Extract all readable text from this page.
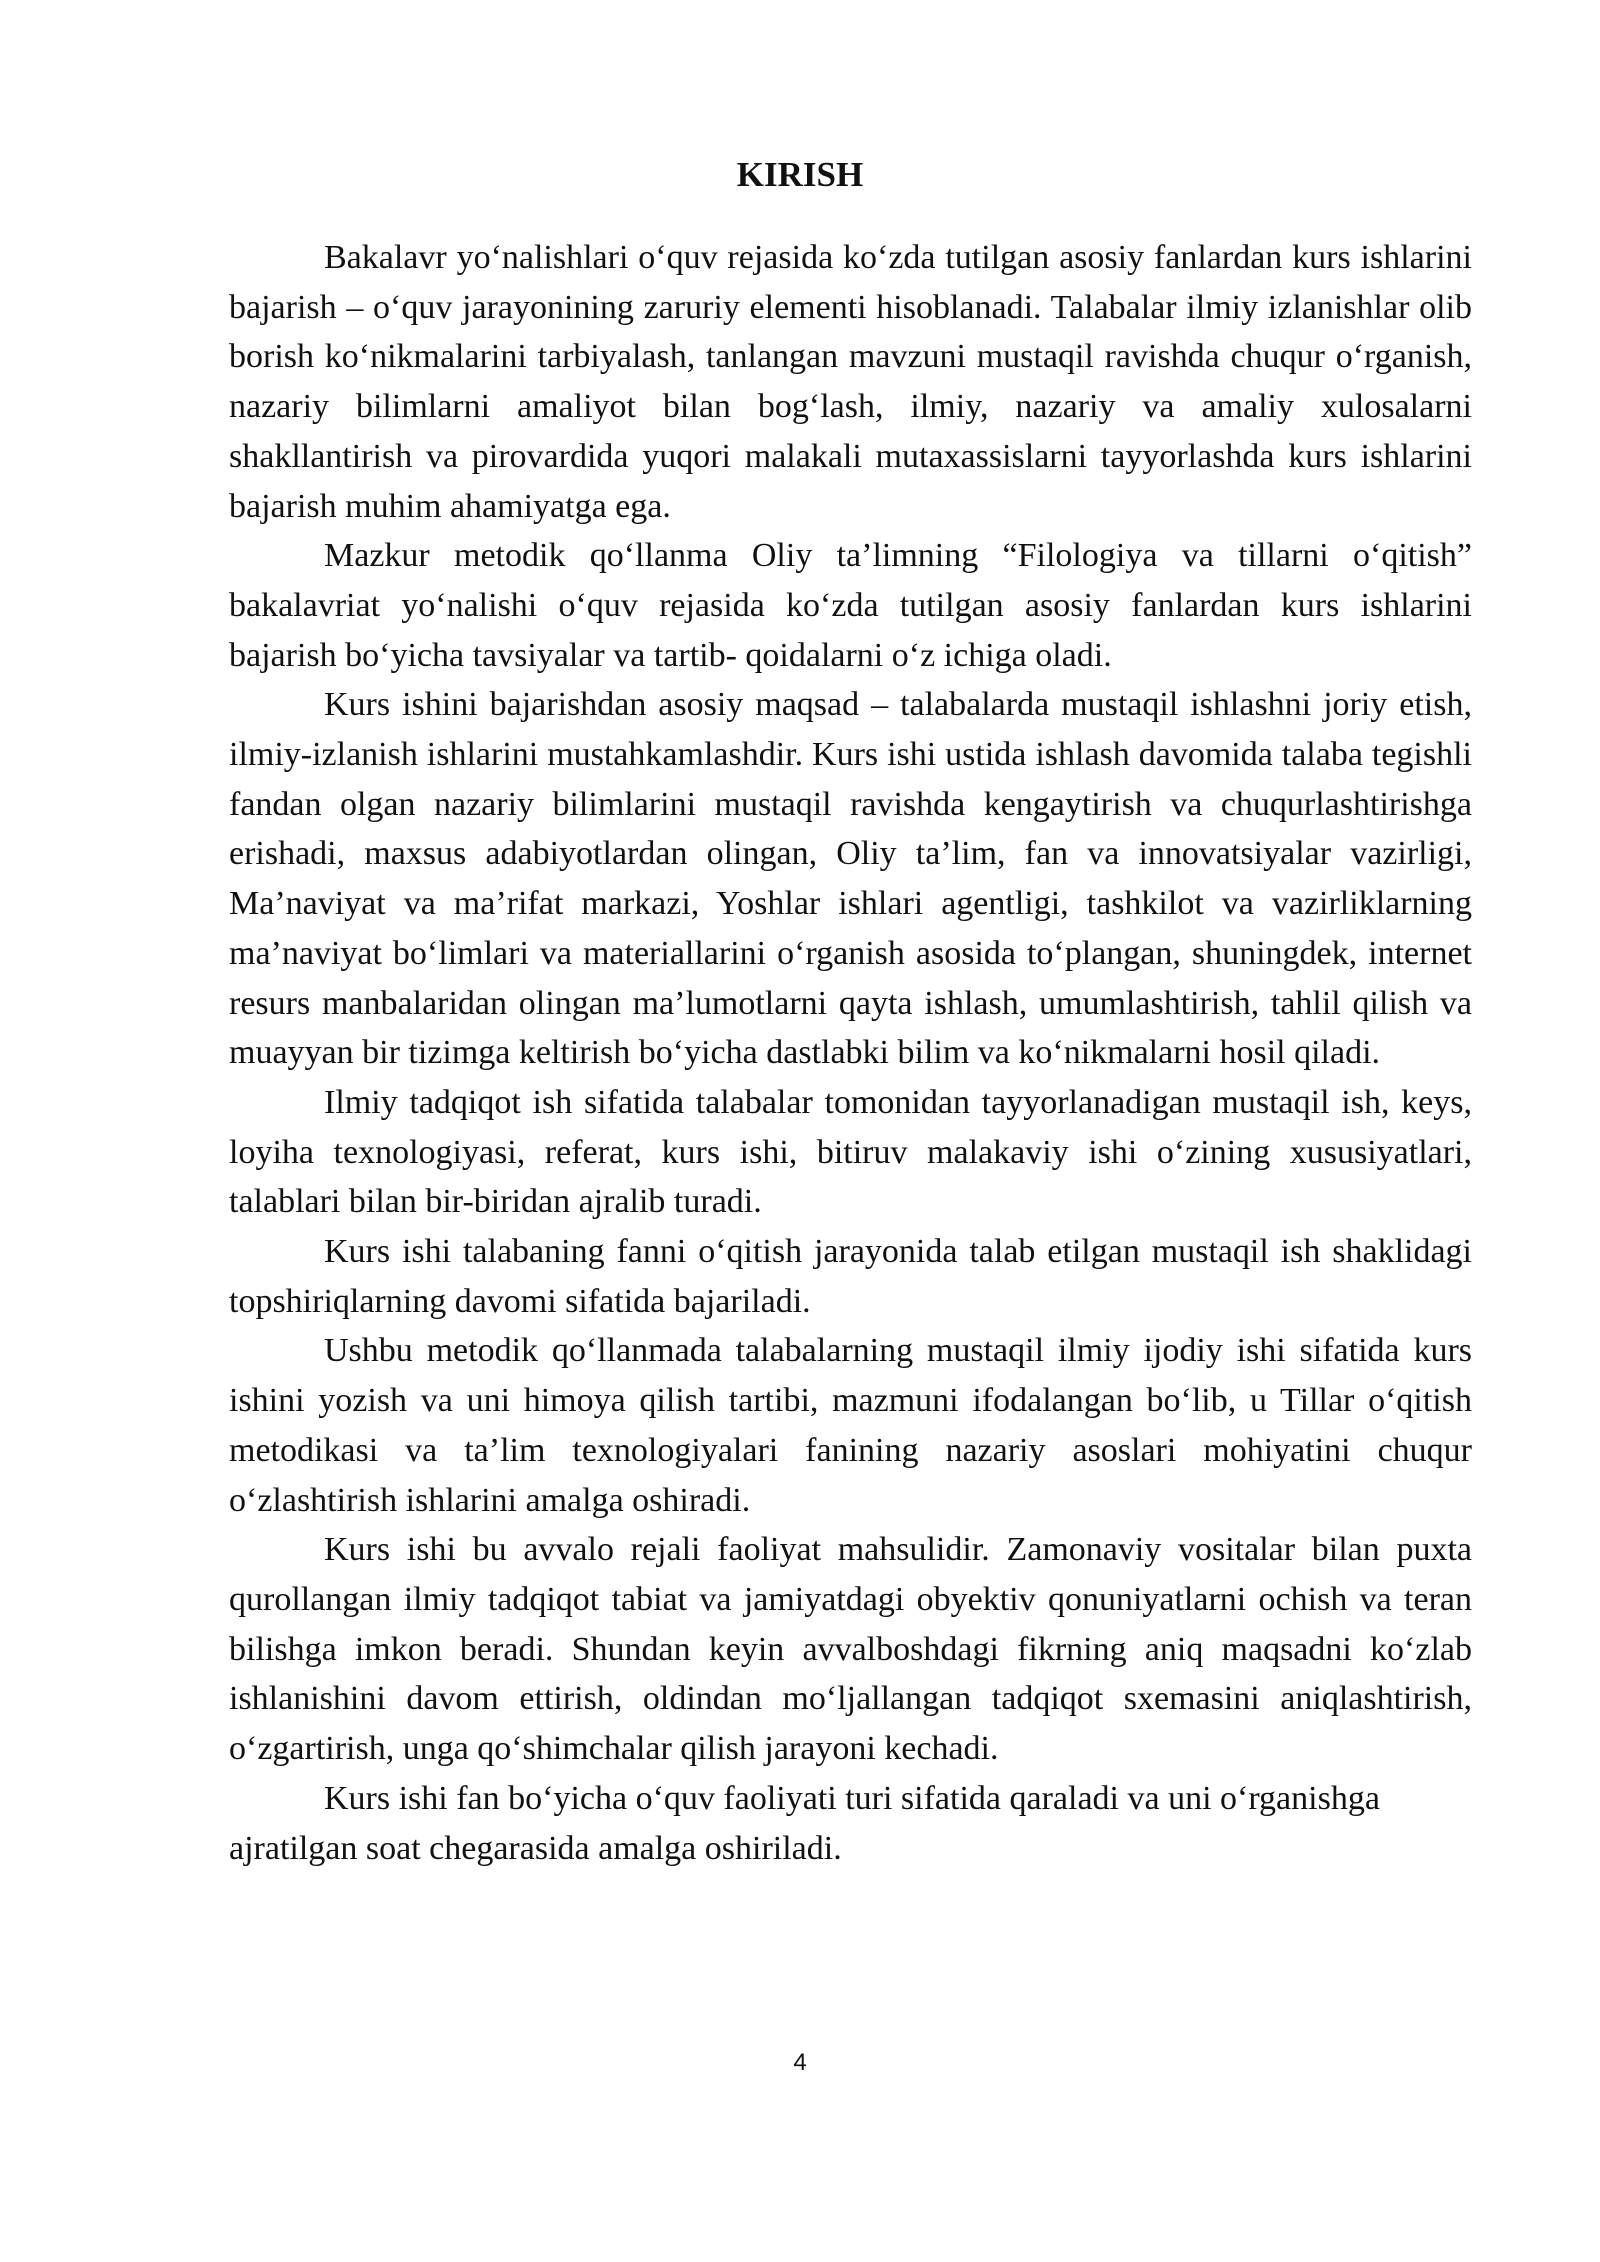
KIRISH

Bakalavr yo‘nalishlari o‘quv rejasida ko‘zda tutilgan asosiy fanlardan kurs ishlarini bajarish – o‘quv jarayonining zaruriy elementi hisoblanadi. Talabalar ilmiy izlanishlar olib borish ko‘nikmalarini tarbiyalash, tanlangan mavzuni mustaqil ravishda chuqur o‘rganish, nazariy bilimlarni amaliyot bilan bog‘lash, ilmiy, nazariy va amaliy xulosalarni shakllantirish va pirovardida yuqori malakali mutaxassislarni tayyorlashda kurs ishlarini bajarish muhim ahamiyatga ega.

Mazkur metodik qo‘llanma Oliy ta’limning “Filologiya va tillarni o‘qitish” bakalavriat yo‘nalishi o‘quv rejasida ko‘zda tutilgan asosiy fanlardan kurs ishlarini bajarish bo‘yicha tavsiyalar va tartib- qoidalarni o‘z ichiga oladi.

Kurs ishini bajarishdan asosiy maqsad – talabalarda mustaqil ishlashni joriy etish, ilmiy-izlanish ishlarini mustahkamlashdir. Kurs ishi ustida ishlash davomida talaba tegishli fandan olgan nazariy bilimlarini mustaqil ravishda kengaytirish va chuqurlashtirishga erishadi, maxsus adabiyotlardan olingan, Oliy ta’lim, fan va innovatsiyalar vazirligi, Ma’naviyat va ma’rifat markazi, Yoshlar ishlari agentligi, tashkilot va vazirliklarning ma’naviyat bo‘limlari va materiallarini o‘rganish asosida to‘plangan, shuningdek, internet resurs manbalaridan olingan ma’lumotlarni qayta ishlash, umumlashtirish, tahlil qilish va muayyan bir tizimga keltirish bo‘yicha dastlabki bilim va ko‘nikmalarni hosil qiladi.

Ilmiy tadqiqot ish sifatida talabalar tomonidan tayyorlanadigan mustaqil ish, keys, loyiha texnologiyasi, referat, kurs ishi, bitiruv malakaviy ishi o‘zining xususiyatlari, talablari bilan bir-biridan ajralib turadi.

Kurs ishi talabaning fanni o‘qitish jarayonida talab etilgan mustaqil ish shaklidagi topshiriqlarning davomi sifatida bajariladi.

Ushbu metodik qo‘llanmada talabalarning mustaqil ilmiy ijodiy ishi sifatida kurs ishini yozish va uni himoya qilish tartibi, mazmuni ifodalangan bo‘lib, u Tillar o‘qitish metodikasi va ta’lim texnologiyalari fanining nazariy asoslari mohiyatini chuqur o‘zlashtirish ishlarini amalga oshiradi.

Kurs ishi bu avvalo rejali faoliyat mahsulidir. Zamonaviy vositalar bilan puxta qurollangan ilmiy tadqiqot tabiat va jamiyatdagi obyektiv qonuniyatlarni ochish va teran bilishga imkon beradi. Shundan keyin avvalboshdagi fikrning aniq maqsadni ko‘zlab ishlanishini davom ettirish, oldindan mo‘ljallangan tadqiqot sxemasini aniqlashtirish, o‘zgartirish, unga qo‘shimchalar qilish jarayoni kechadi.

Kurs ishi fan bo‘yicha o‘quv faoliyati turi sifatida qaraladi va uni o‘rganishga ajratilgan soat chegarasida amalga oshiriladi.

4
